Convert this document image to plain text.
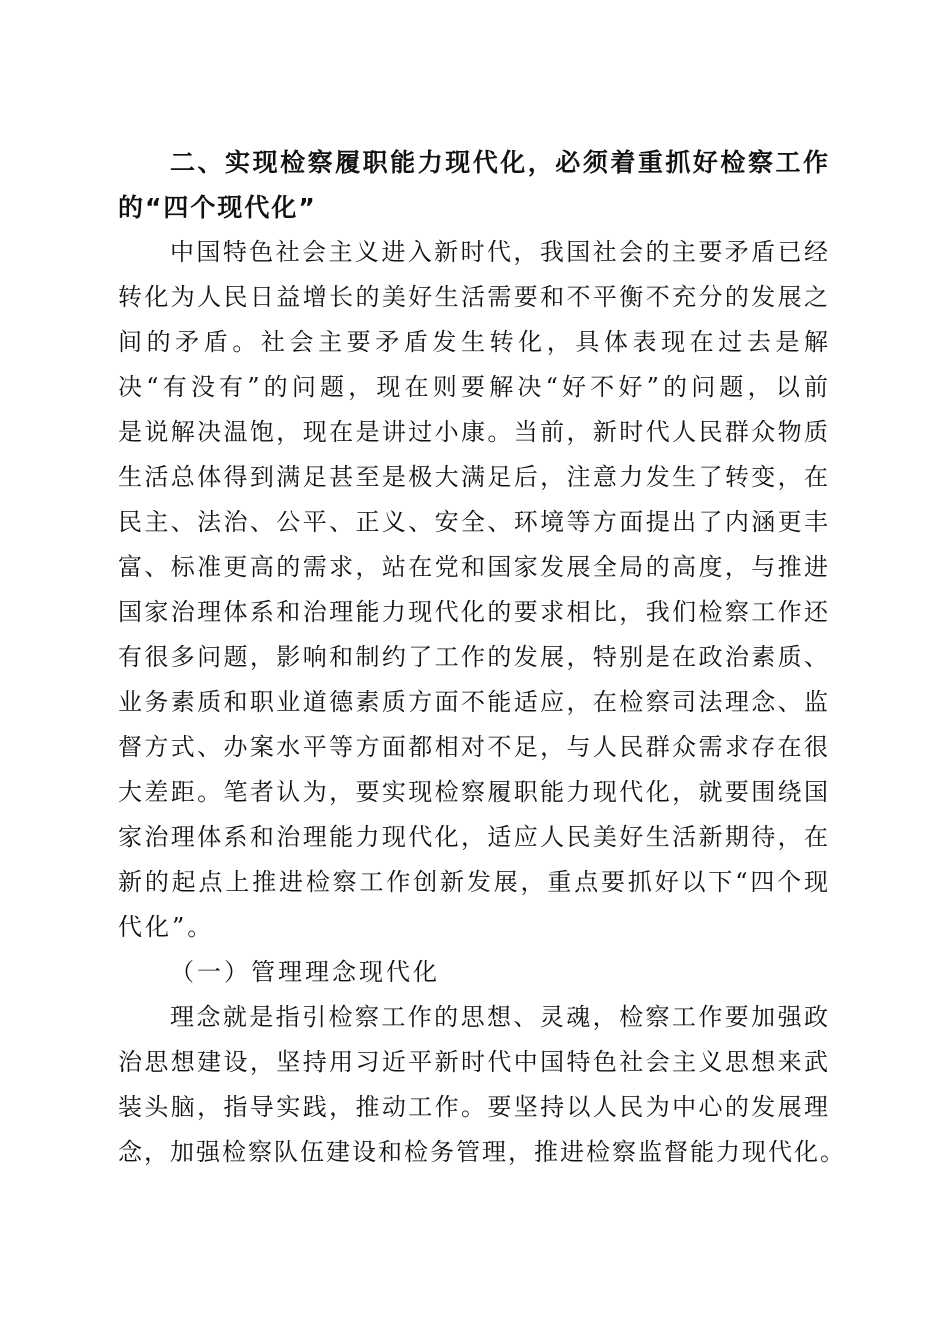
二、实现检察履职能力现代化，必须着重抓好检察工作
的“四个现代化”
中国特色社会主义进入新时代，我国社会的主要矛盾已经
转化为人民日益增长的美好生活需要和不平衡不充分的发展之
间的矛盾。社会主要矛盾发生转化，具体表现在过去是解
决“有没有”的问题，现在则要解决“好不好”的问题，以前
是说解决温饱，现在是讲过小康。当前，新时代人民群众物质
生活总体得到满足甚至是极大满足后，注意力发生了转变，在
民主、法治、公平、正义、安全、环境等方面提出了内涵更丰
富、标准更高的需求，站在党和国家发展全局的高度，与推进
国家治理体系和治理能力现代化的要求相比，我们检察工作还
有很多问题，影响和制约了工作的发展，特别是在政治素质、
业务素质和职业道德素质方面不能适应，在检察司法理念、监
督方式、办案水平等方面都相对不足，与人民群众需求存在很
大差距。笔者认为，要实现检察履职能力现代化，就要围绕国
家治理体系和治理能力现代化，适应人民美好生活新期待，在
新的起点上推进检察工作创新发展，重点要抓好以下“四个现
代化”。
（一）管理理念现代化
理念就是指引检察工作的思想、灵魂，检察工作要加强政
治思想建设，坚持用习近平新时代中国特色社会主义思想来武
装头脑，指导实践，推动工作。要坚持以人民为中心的发展理
念，加强检察队伍建设和检务管理，推进检察监督能力现代化。
